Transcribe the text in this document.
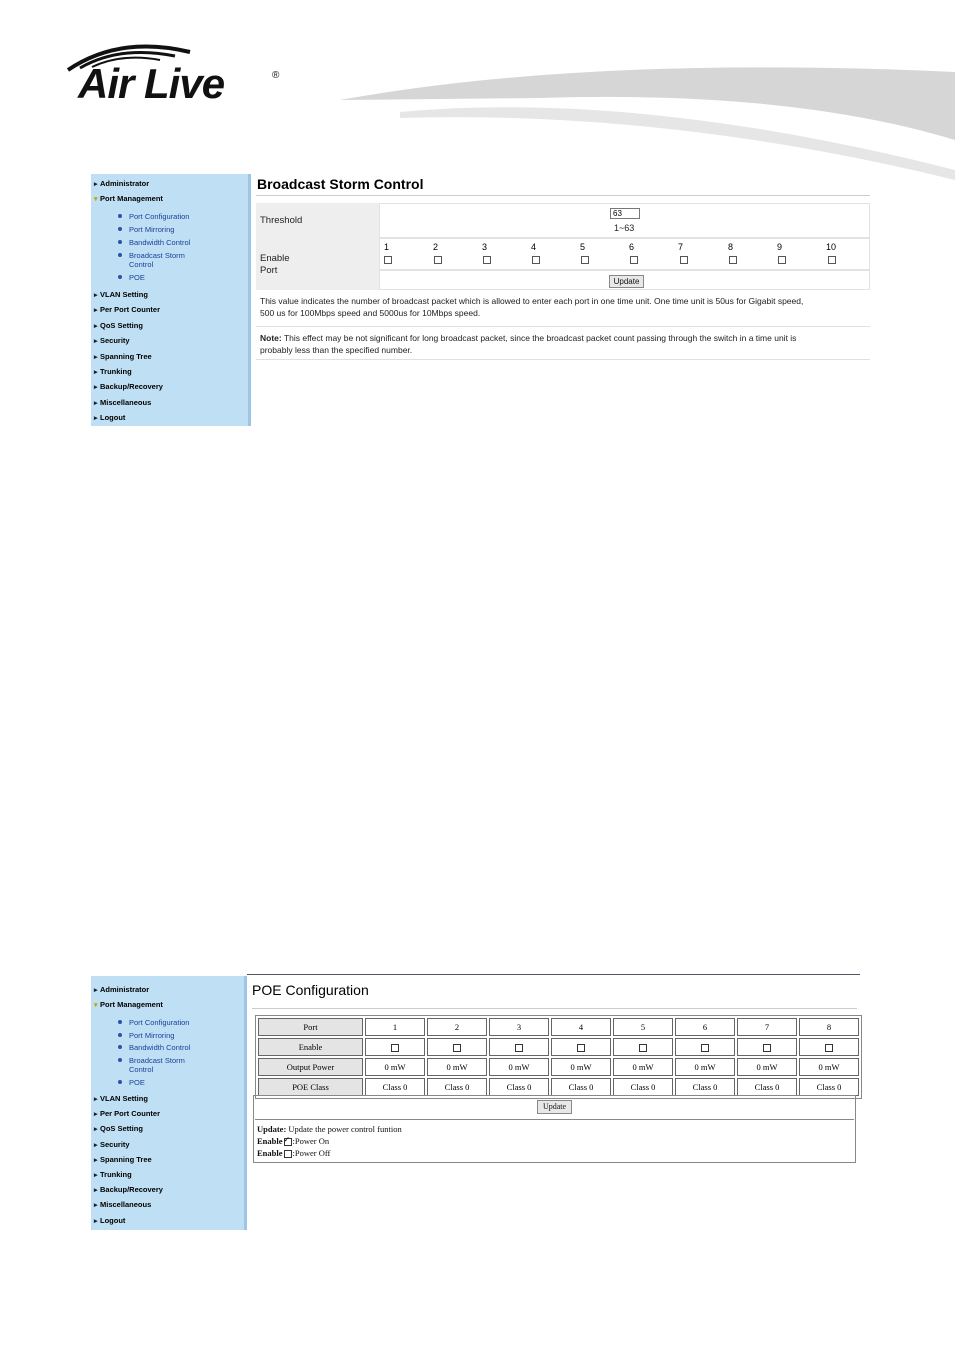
Air Live	®
▸ Administrator
▾ Port Management
Port Configuration
Port Mirroring
Bandwidth Control
Broadcast Storm
Control
POE
▸ VLAN Setting
▸ Per Port Counter
▸ QoS Setting
▸ Security
▸ Spanning Tree
▸ Trunking
▸ Backup/Recovery
▸ Miscellaneous
▸ Logout
Broadcast Storm Control
Threshold
63
1~63
Enable
Port
1	2	3	4	5	6	7	8	9	10
Update
This value indicates the number of broadcast packet which is allowed to enter each port in one time unit. One time unit is 50us for Gigabit speed,
500 us for 100Mbps speed and 5000us for 10Mbps speed.
Note: This effect may be not significant for long broadcast packet, since the broadcast packet count passing through the switch in a time unit is
probably less than the specified number.
▸ Administrator
▾ Port Management
Port Configuration
Port Mirroring
Bandwidth Control
Broadcast Storm
Control
POE
▸ VLAN Setting
▸ Per Port Counter
▸ QoS Setting
▸ Security
▸ Spanning Tree
▸ Trunking
▸ Backup/Recovery
▸ Miscellaneous
▸ Logout
POE Configuration
Port	1	2	3	4	5	6	7	8
Enable								
Output Power	0 mW	0 mW	0 mW	0 mW	0 mW	0 mW	0 mW	0 mW
POE Class	Class 0	Class 0	Class 0	Class 0	Class 0	Class 0	Class 0	Class 0
Update
Update: Update the power control funtion
Enable ✓ :Power On
Enable :Power Off
